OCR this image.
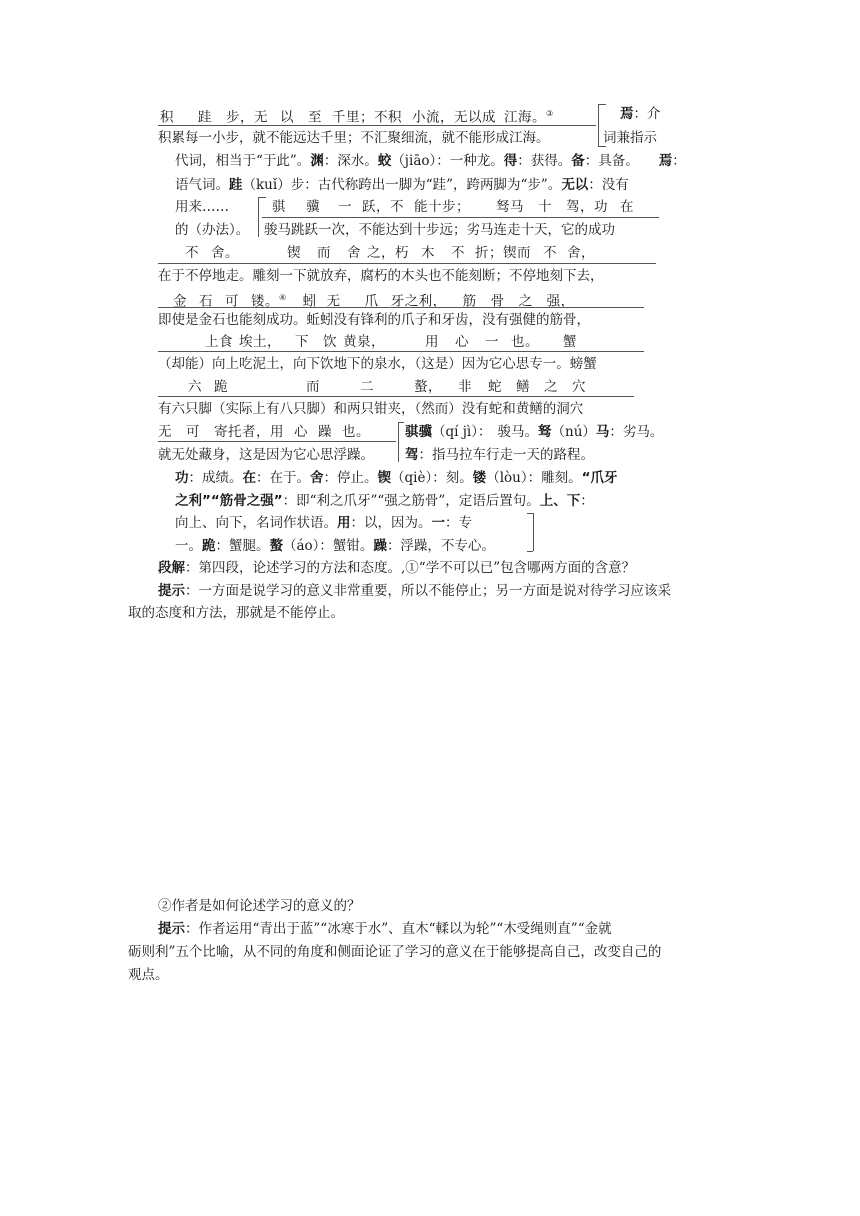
积 跬 步，无 以 至 千里；不积 小流，无以成 江海。③	焉：介
积累每一小步，就不能远达千里；不汇聚细流，就不能形成江海。	词兼指示
代词，相当于“于此”。渊：深水。蛟（jiāo）：一种龙。得：获得。备：具备。 焉：
语气词。跬（kuǐ）步：古代称跨出一脚为“跬”，跨两脚为“步”。无以：没有
用来……	骐 骥 一 跃，不 能十步； 驽马 十 驾，功 在
的（办法）。 骏马跳跃一次，不能达到十步远；劣马连走十天，它的成功
不 舍。	锲 而 舍 之，朽 木 不 折；锲而 不 舍，
在于不停地走。雕刻一下就放弃，腐朽的木头也不能刻断；不停地刻下去，
金 石 可 镂。④ 蚓 无 爪 牙之利， 筋 骨 之 强，
即使是金石也能刻成功。蚯蚓没有锋利的爪子和牙齿，没有强健的筋骨，
上食 埃土， 下 饮 黄泉，	用 心 一 也。 蟹
（却能）向上吃泥土，向下饮地下的泉水，（这是）因为它心思专一。螃蟹
六 跪	而	二	螯， 非 蛇 鳝 之 穴
有六只脚（实际上有八只脚）和两只钳夹，（然而）没有蛇和黄鳝的洞穴
无 可 寄托者，用 心 躁 也。	骐骥（qí jì）： 骏马。驽（nú）马：劣马。
就无处藏身，这是因为它心思浮躁。 驾：指马拉车行走一天的路程。
功：成绩。在：在于。舍：停止。锲（qiè）：刻。镂（lòu）：雕刻。“爪牙
之利”“筋骨之强”：即“利之爪牙”“强之筋骨”，定语后置句。上、下：
向上、向下，名词作状语。用：以，因为。一：专
一。跪：蟹腿。螯（áo）：蟹钳。躁：浮躁，不专心。
段解：第四段，论述学习的方法和态度。,①“学不可以已”包含哪两方面的含意？
提示：一方面是说学习的意义非常重要，所以不能停止；另一方面是说对待学习应该采
取的态度和方法，那就是不能停止。
②作者是如何论述学习的意义的？
提示：作者运用“青出于蓝”“冰寒于水”、直木“輮以为轮”“木受绳则直”“金就
砺则利”五个比喻，从不同的角度和侧面论证了学习的意义在于能够提高自己，改变自己的
观点。
